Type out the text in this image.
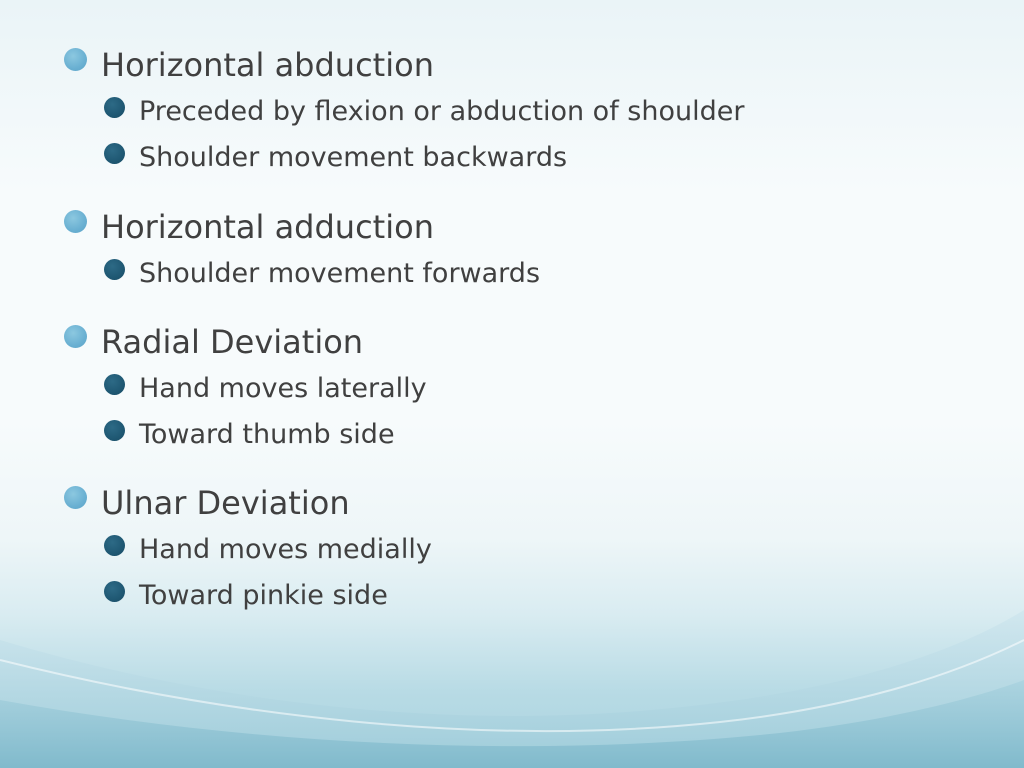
Horizontal abduction
Preceded by flexion or abduction of shoulder
Shoulder movement backwards
Horizontal adduction
Shoulder movement forwards
Radial Deviation
Hand moves laterally
Toward thumb side
Ulnar Deviation
Hand moves medially
Toward pinkie side
